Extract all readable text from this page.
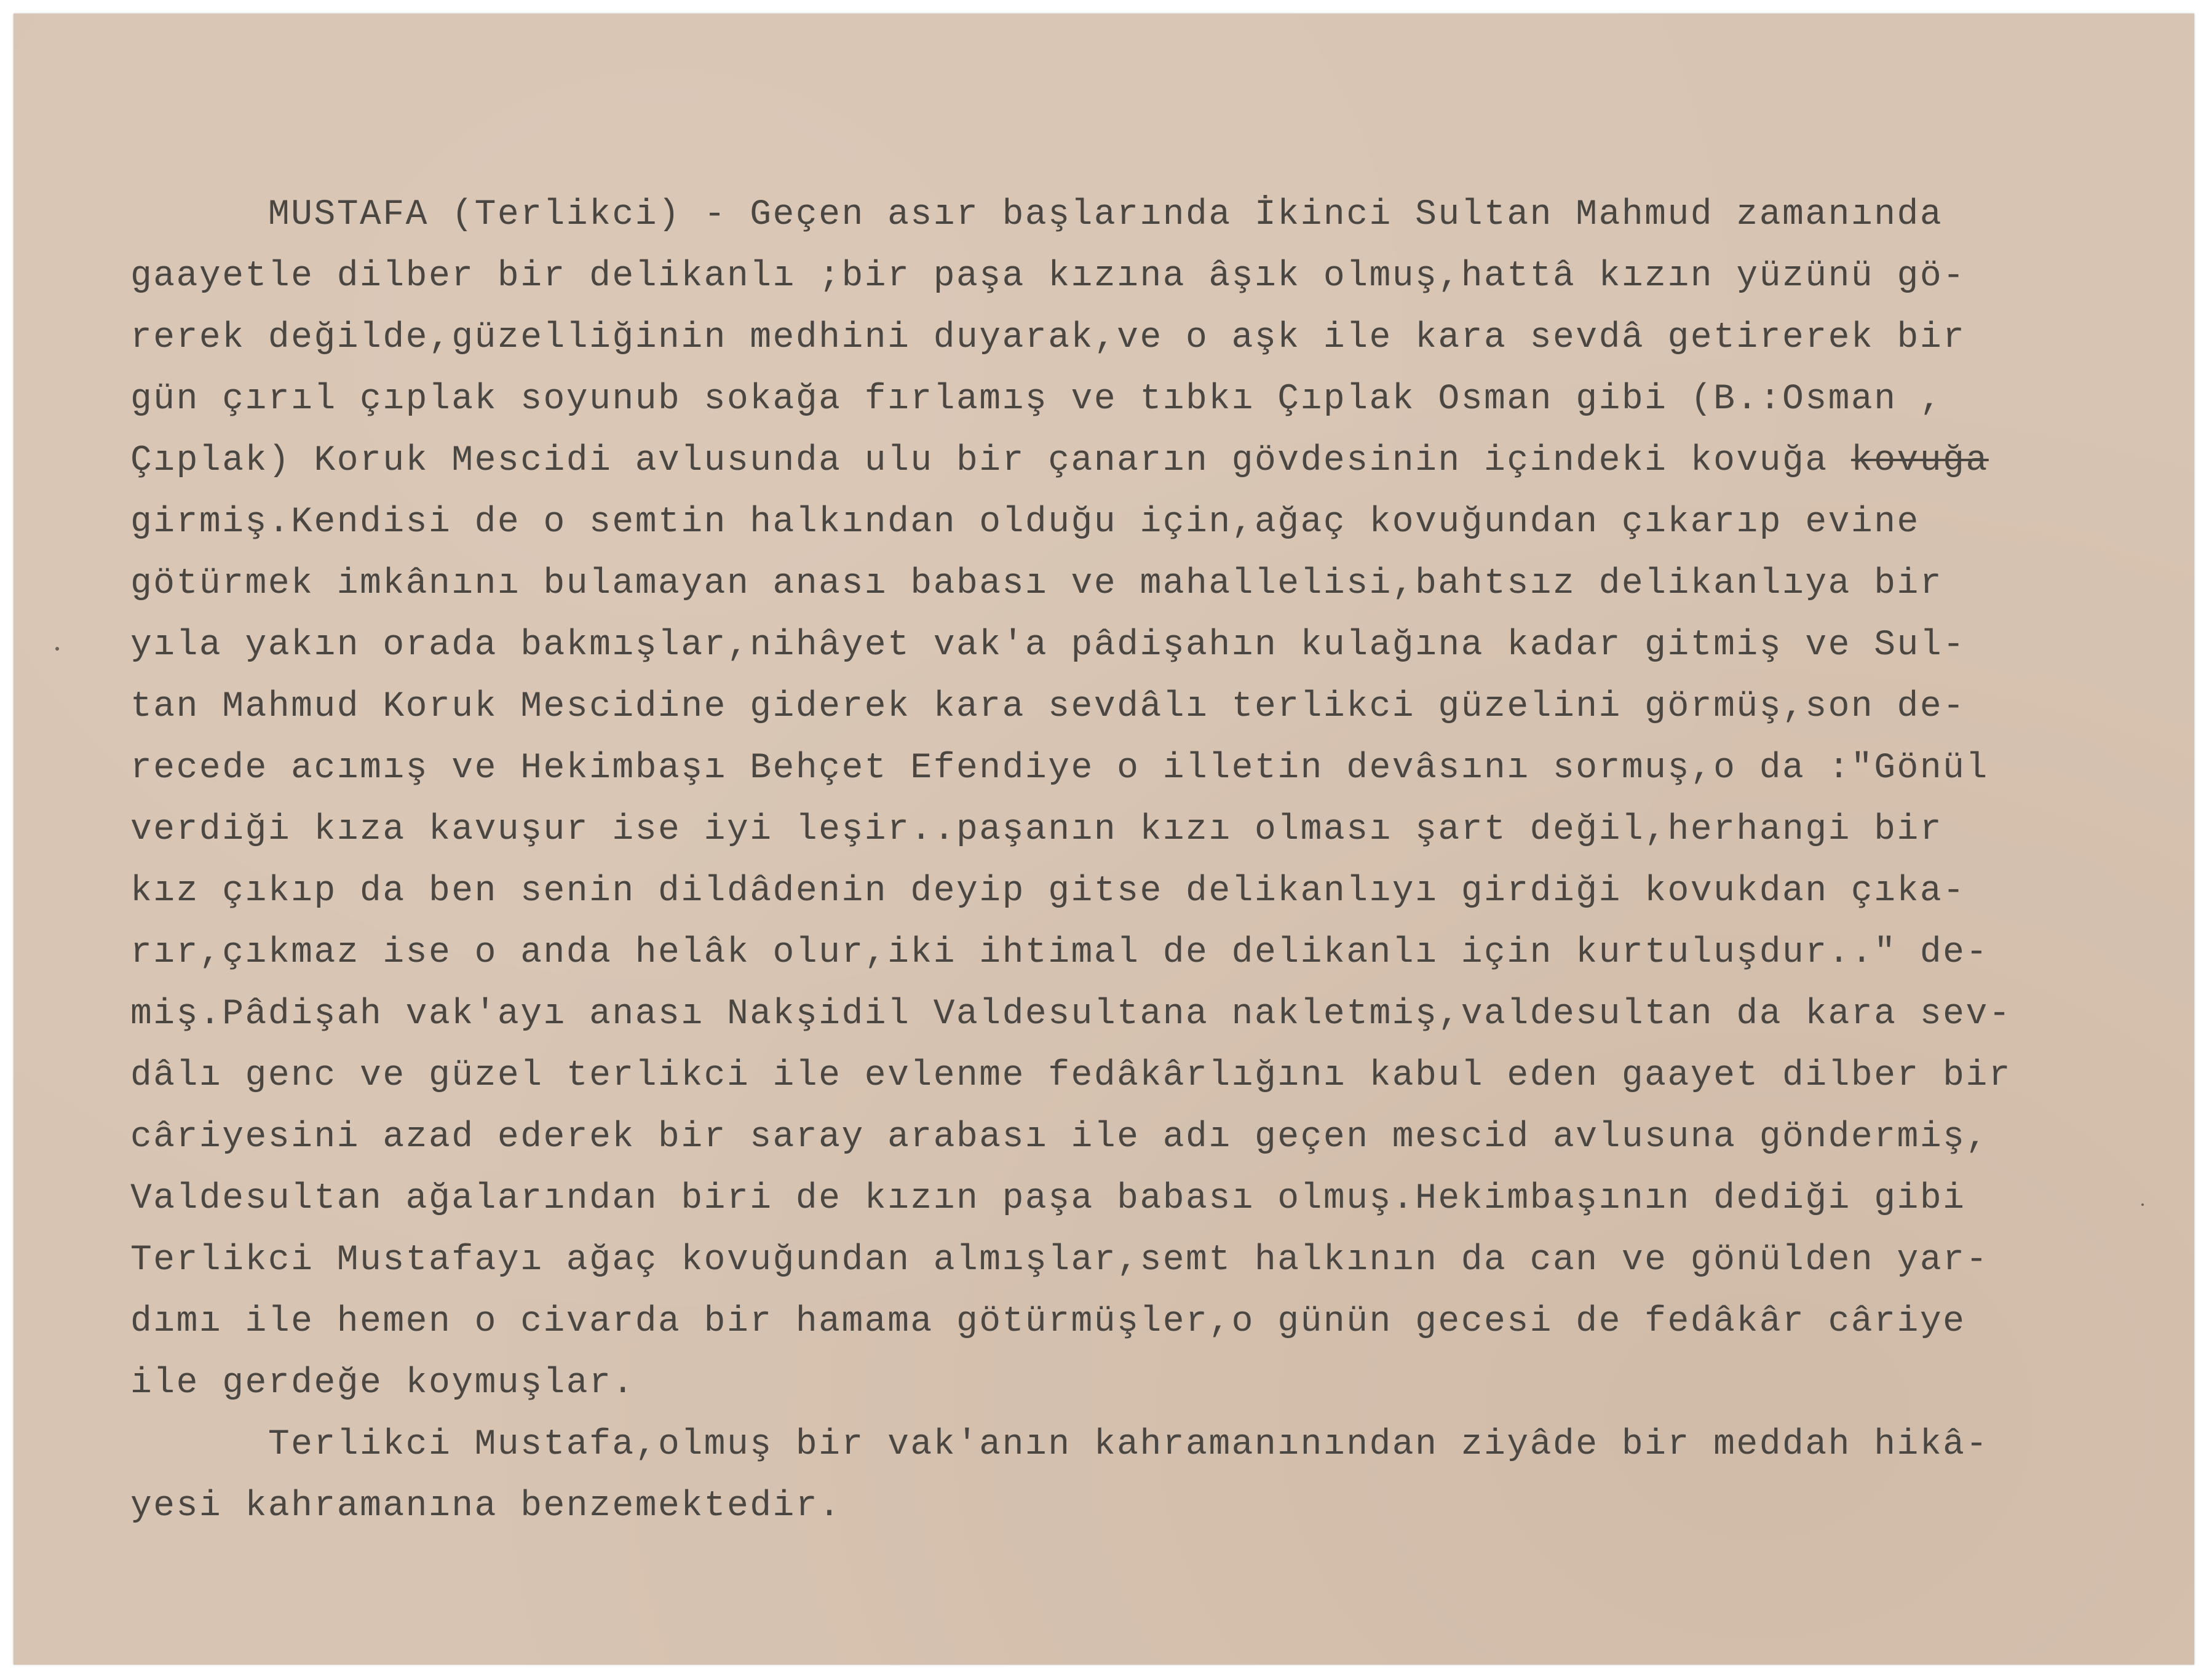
MUSTAFA (Terlikci) - Geçen asır başlarında İkinci Sultan Mahmud zamanında
gaayetle dilber bir delikanlı ;bir paşa kızına âşık olmuş,hattâ kızın yüzünü gö-
rerek değilde,güzelliğinin medhini duyarak,ve o aşk ile kara sevdâ getirerek bir
gün çırıl çıplak soyunub sokağa fırlamış ve tıbkı Çıplak Osman gibi (B.:Osman ,
Çıplak) Koruk Mescidi avlusunda ulu bir çanarın gövdesinin içindeki kovuğa kovuğa
girmiş.Kendisi de o semtin halkından olduğu için,ağaç kovuğundan çıkarıp evine
götürmek imkânını bulamayan anası babası ve mahallelisi,bahtsız delikanlıya bir
yıla yakın orada bakmışlar,nihâyet vak'a pâdişahın kulağına kadar gitmiş ve Sul-
tan Mahmud Koruk Mescidine giderek kara sevdâlı terlikci güzelini görmüş,son de-
recede acımış ve Hekimbaşı Behçet Efendiye o illetin devâsını sormuş,o da :"Gönül
verdiği kıza kavuşur ise iyi leşir..paşanın kızı olması şart değil,herhangi bir
kız çıkıp da ben senin dildâdenin deyip gitse delikanlıyı girdiği kovukdan çıka-
rır,çıkmaz ise o anda helâk olur,iki ihtimal de delikanlı için kurtuluşdur.." de-
miş.Pâdişah vak'ayı anası Nakşidil Valdesultana nakletmiş,valdesultan da kara sev-
dâlı genc ve güzel terlikci ile evlenme fedâkârlığını kabul eden gaayet dilber bir
câriyesini azad ederek bir saray arabası ile adı geçen mescid avlusuna göndermiş,
Valdesultan ağalarından biri de kızın paşa babası olmuş.Hekimbaşının dediği gibi
Terlikci Mustafayı ağaç kovuğundan almışlar,semt halkının da can ve gönülden yar-
dımı ile hemen o civarda bir hamama götürmüşler,o günün gecesi de fedâkâr câriye
ile gerdeğe koymuşlar.
Terlikci Mustafa,olmuş bir vak'anın kahramanınından ziyâde bir meddah hikâ-
yesi kahramanına benzemektedir.
